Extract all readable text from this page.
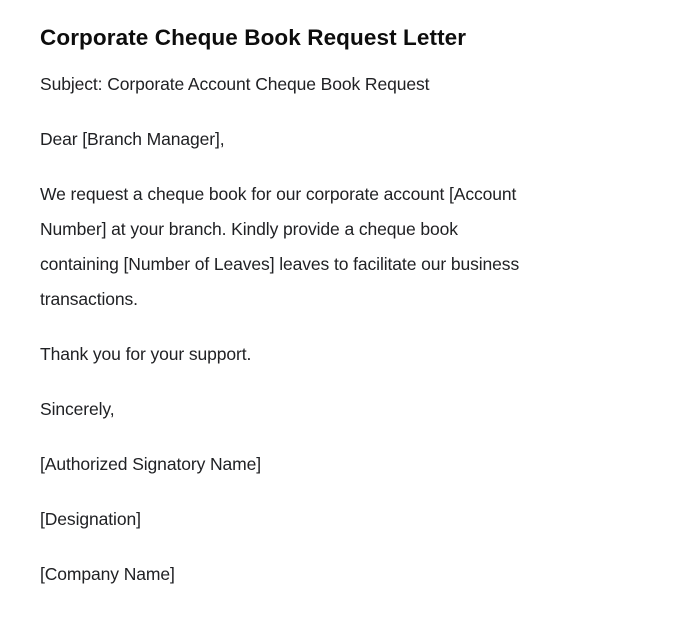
Corporate Cheque Book Request Letter

Subject: Corporate Account Cheque Book Request

Dear [Branch Manager],

We request a cheque book for our corporate account [Account
Number] at your branch. Kindly provide a cheque book
containing [Number of Leaves] leaves to facilitate our business
transactions.

Thank you for your support.

Sincerely,

[Authorized Signatory Name]

[Designation]

[Company Name]
